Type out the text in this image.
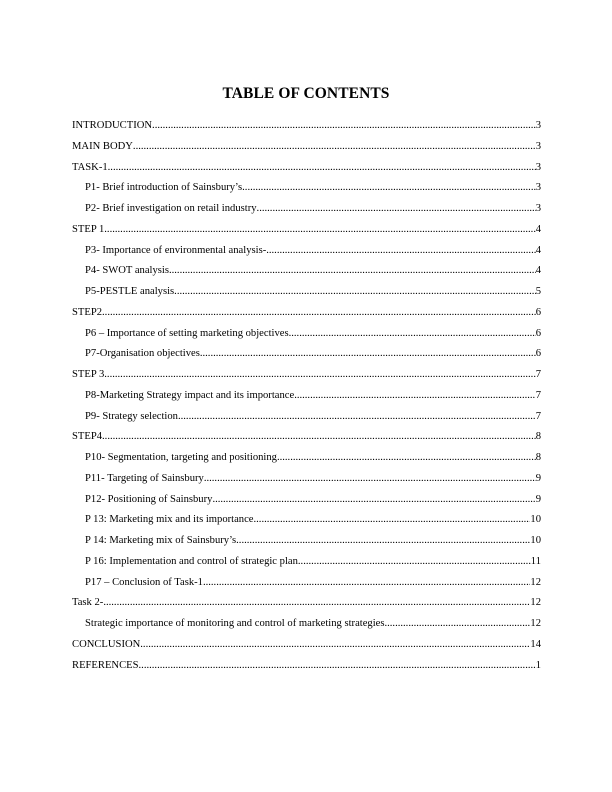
TABLE OF CONTENTS
INTRODUCTION .....	3
MAIN BODY .....	3
TASK-1 .....	3
P1- Brief introduction of Sainsbury’s .....	3
P2- Brief investigation on retail industry .....	3
STEP 1 .....	4
P3- Importance of environmental analysis- .....	4
P4- SWOT analysis .....	4
P5-PESTLE analysis .....	5
STEP2 .....	6
P6 – Importance of setting marketing objectives .....	6
P7-Organisation objectives .....	6
STEP 3 .....	7
P8-Marketing Strategy impact and its importance .....	7
P9- Strategy selection .....	7
STEP4 .....	8
P10- Segmentation, targeting and positioning .....	8
P11- Targeting of Sainsbury .....	9
P12- Positioning of Sainsbury .....	9
P 13: Marketing mix and its importance .....	10
P 14: Marketing mix of Sainsbury’s .....	10
P 16: Implementation and control of strategic plan .....	11
P17 – Conclusion of Task-1 .....	12
Task 2- .....	12
Strategic importance of monitoring and control of marketing strategies .....	12
CONCLUSION .....	14
REFERENCES .....	1
